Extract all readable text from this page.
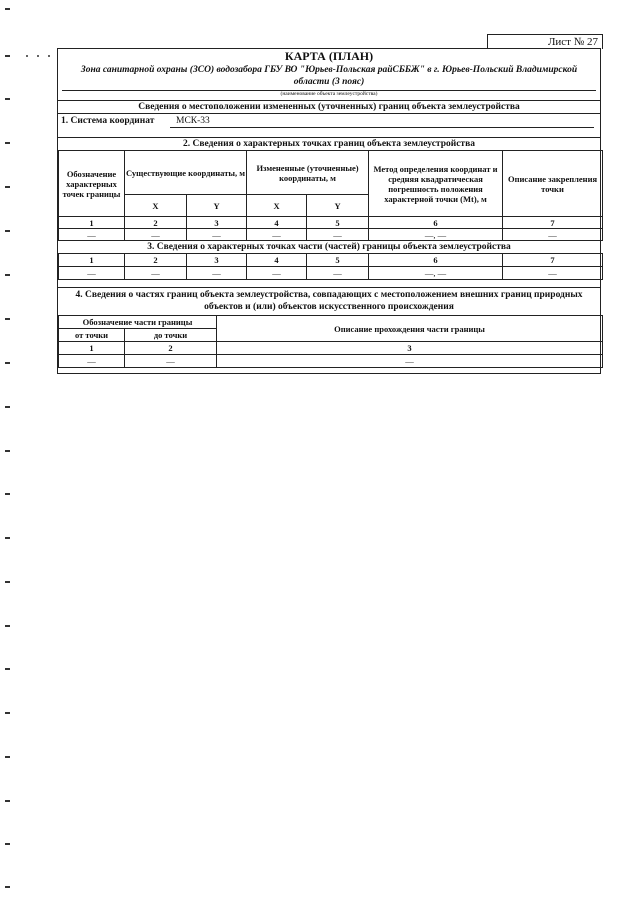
Лист № 27
КАРТА (ПЛАН)
Зона санитарной охраны (ЗСО) водозабора ГБУ ВО "Юрьев-Польская райСББЖ" в г. Юрьев-Польский Владимирской области (3 пояс)
(наименование объекта землеустройства)
Сведения о местоположении измененных (уточненных) границ объекта землеустройства
1. Система координат МСК-33
2. Сведения о характерных точках границ объекта землеустройства
Обозначение характерных точек границы	Существующие координаты, м		Измененные (уточненные) координаты, м		Метод определения координат и средняя квадратическая погрешность положения характерной точки (Mt), м	Описание закрепления точки
	X	Y	X	Y		
1	2	3	4	5	6	7
—	—	—	—	—	—, —	—
3. Сведения о характерных точках части (частей) границы объекта землеустройства
1	2	3	4	5	6	7
—	—	—	—	—	—, —	—
4. Сведения о частях границ объекта землеустройства, совпадающих с местоположением внешних границ природных объектов и (или) объектов искусственного происхождения
Обозначение части границы		Описание прохождения части границы
от точки	до точки	
1	2	3
—	—	—
